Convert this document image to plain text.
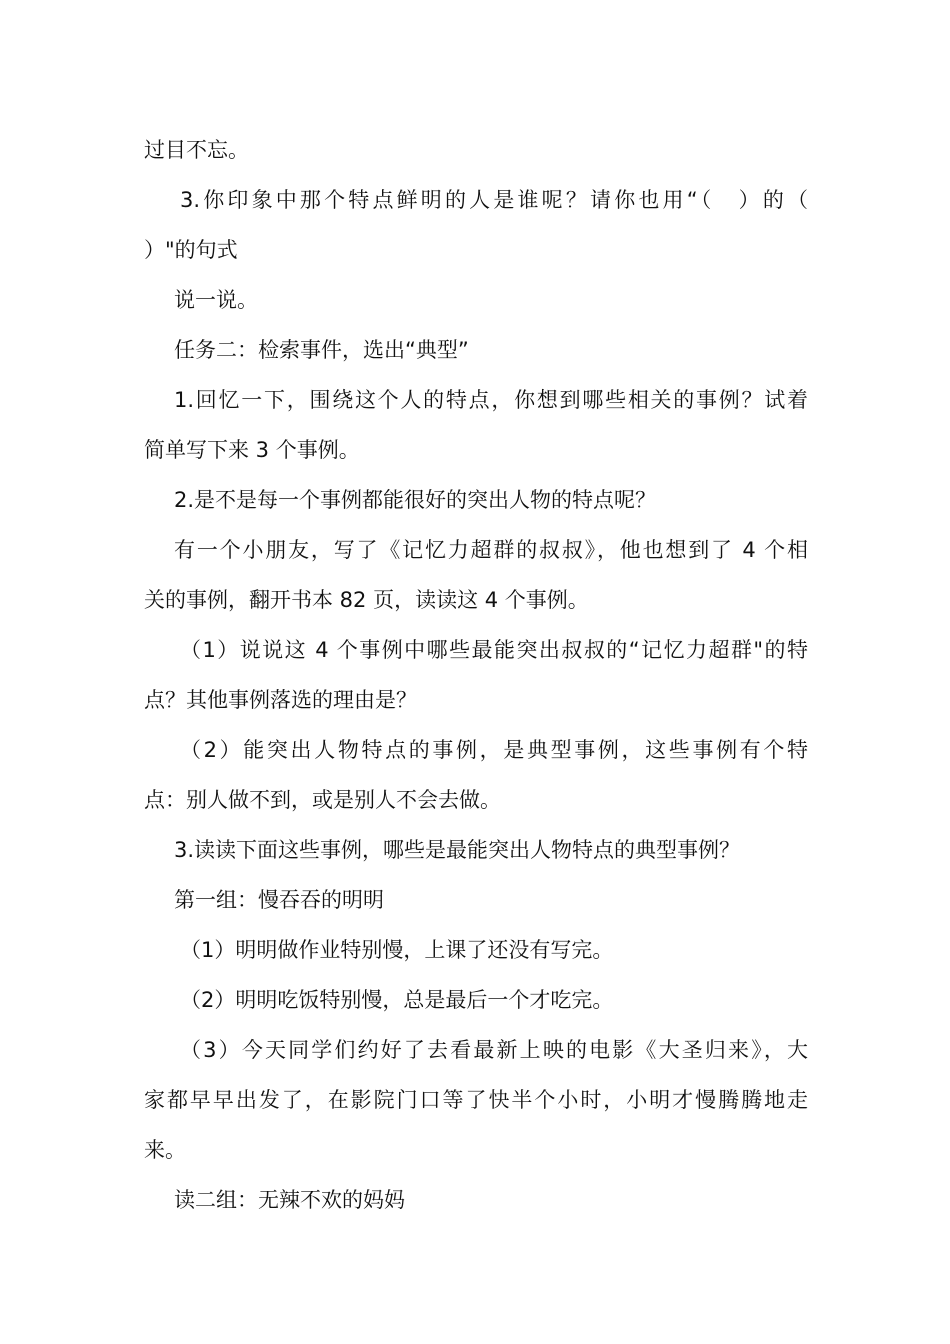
过目不忘。
3.你印象中那个特点鲜明的人是谁呢？请你也用“（　）的（
）"的句式
说一说。
任务二：检索事件，选出“典型”
1.回忆一下，围绕这个人的特点，你想到哪些相关的事例？试着
简单写下来 3 个事例。
2.是不是每一个事例都能很好的突出人物的特点呢？
有一个小朋友，写了《记忆力超群的叔叔》，他也想到了 4 个相
关的事例，翻开书本 82 页，读读这 4 个事例。
（1）说说这 4 个事例中哪些最能突出叔叔的“记忆力超群"的特
点？其他事例落选的理由是？
（2）能突出人物特点的事例，是典型事例，这些事例有个特
点：别人做不到，或是别人不会去做。
3.读读下面这些事例，哪些是最能突出人物特点的典型事例？
第一组：慢吞吞的明明
（1）明明做作业特别慢，上课了还没有写完。
（2）明明吃饭特别慢，总是最后一个才吃完。
（3）今天同学们约好了去看最新上映的电影《大圣归来》，大
家都早早出发了，在影院门口等了快半个小时，小明才慢腾腾地走
来。
读二组：无辣不欢的妈妈
